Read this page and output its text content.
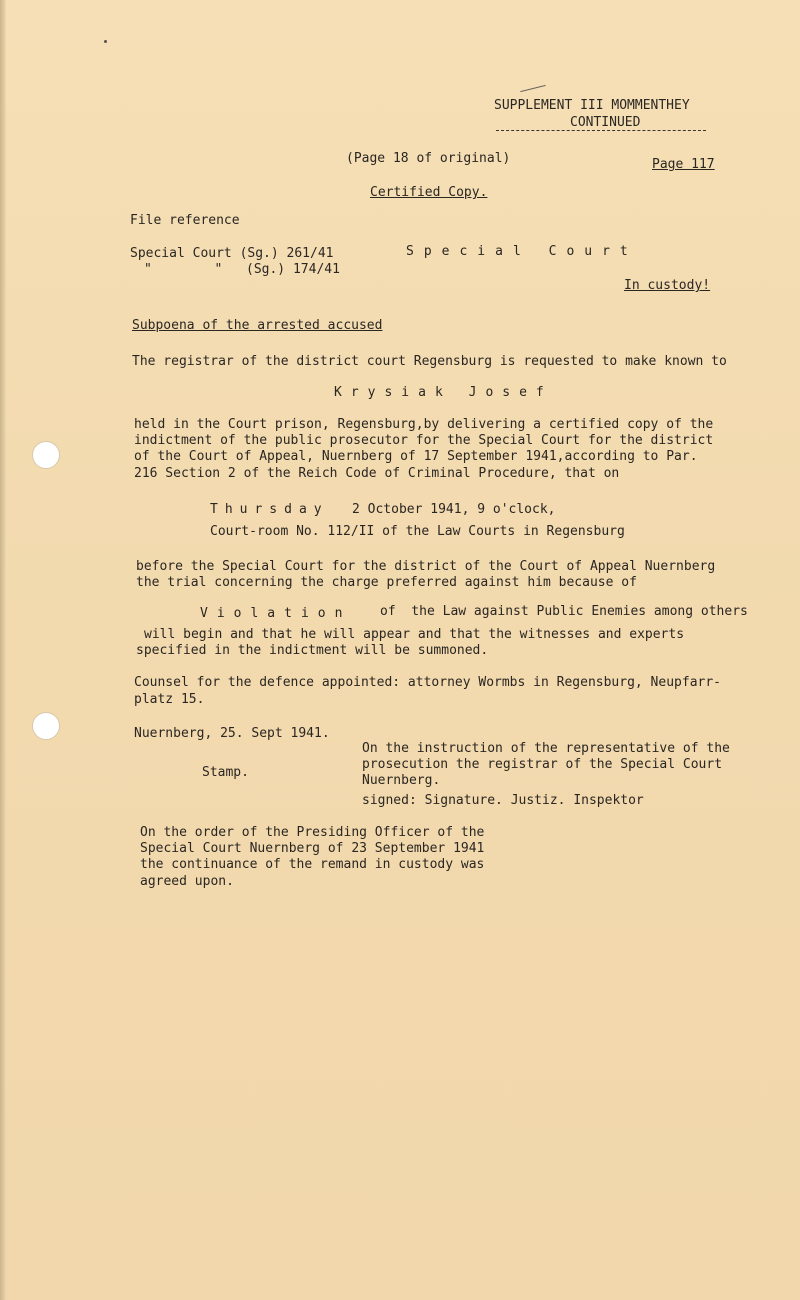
SUPPLEMENT III MOMMENTHEY
CONTINUED
(Page 18 of original)	Page 117
Certified Copy.
File reference
Special Court (Sg.) 261/41
"        " (Sg.) 174/41
Special Court
In custody!
Subpoena of the arrested accused
The registrar of the district court Regensburg is requested to make known to
Krysiak Josef
held in the Court prison, Regensburg,by delivering a certified copy of the
indictment of the public prosecutor for the Special Court for the district
of the Court of Appeal, Nuernberg of 17 September 1941,according to Par.
216 Section 2 of the Reich Code of Criminal Procedure, that on
Thursday 2 October 1941, 9 o'clock,
Court-room No. 112/II of the Law Courts in Regensburg
before the Special Court for the district of the Court of Appeal Nuernberg
the trial concerning the charge preferred against him because of
Violation of  the Law against Public Enemies among others
will begin and that he will appear and that the witnesses and experts
specified in the indictment will be summoned.
Counsel for the defence appointed: attorney Wormbs in Regensburg, Neupfarr-
platz 15.
Nuernberg, 25. Sept 1941.
On the instruction of the representative of the
prosecution the registrar of the Special Court
Nuernberg.
signed: Signature. Justiz. Inspektor
Stamp.
On the order of the Presiding Officer of the
Special Court Nuernberg of 23 September 1941
the continuance of the remand in custody was
agreed upon.
